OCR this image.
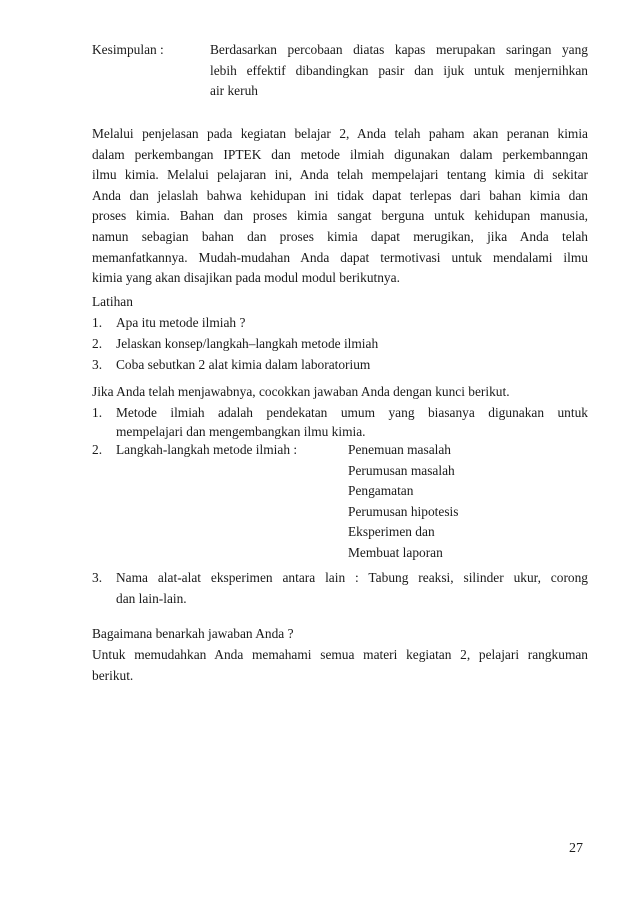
Kesimpulan :	Berdasarkan percobaan diatas kapas merupakan saringan yang
lebih effektif dibandingkan pasir dan ijuk untuk menjernihkan
air keruh
Melalui penjelasan pada kegiatan belajar 2, Anda telah paham akan peranan kimia
dalam perkembangan IPTEK dan metode ilmiah digunakan dalam perkembanngan
ilmu kimia. Melalui pelajaran ini, Anda telah mempelajari tentang kimia di sekitar
Anda dan jelaslah bahwa kehidupan ini tidak dapat terlepas dari bahan kimia dan
proses kimia. Bahan dan proses kimia sangat berguna untuk kehidupan manusia,
namun sebagian bahan dan proses kimia dapat merugikan, jika Anda telah
memanfatkannya. Mudah-mudahan Anda dapat termotivasi untuk mendalami ilmu
kimia yang akan disajikan pada modul modul berikutnya.
Latihan
1.	Apa itu metode ilmiah ?
2.	Jelaskan konsep/langkah–langkah metode ilmiah
3.	Coba sebutkan 2 alat kimia dalam laboratorium
Jika Anda telah menjawabnya, cocokkan jawaban Anda dengan kunci berikut.
1.	Metode ilmiah adalah pendekatan umum yang biasanya digunakan untuk
mempelajari dan mengembangkan ilmu kimia.
2.	Langkah-langkah metode ilmiah :	Penemuan masalah
Perumusan masalah
Pengamatan
Perumusan hipotesis
Eksperimen dan
Membuat laporan
3.	Nama alat-alat eksperimen antara lain : Tabung reaksi, silinder ukur, corong
dan lain-lain.
Bagaimana benarkah jawaban Anda ?
Untuk memudahkan Anda memahami semua materi kegiatan 2, pelajari rangkuman
berikut.
27
